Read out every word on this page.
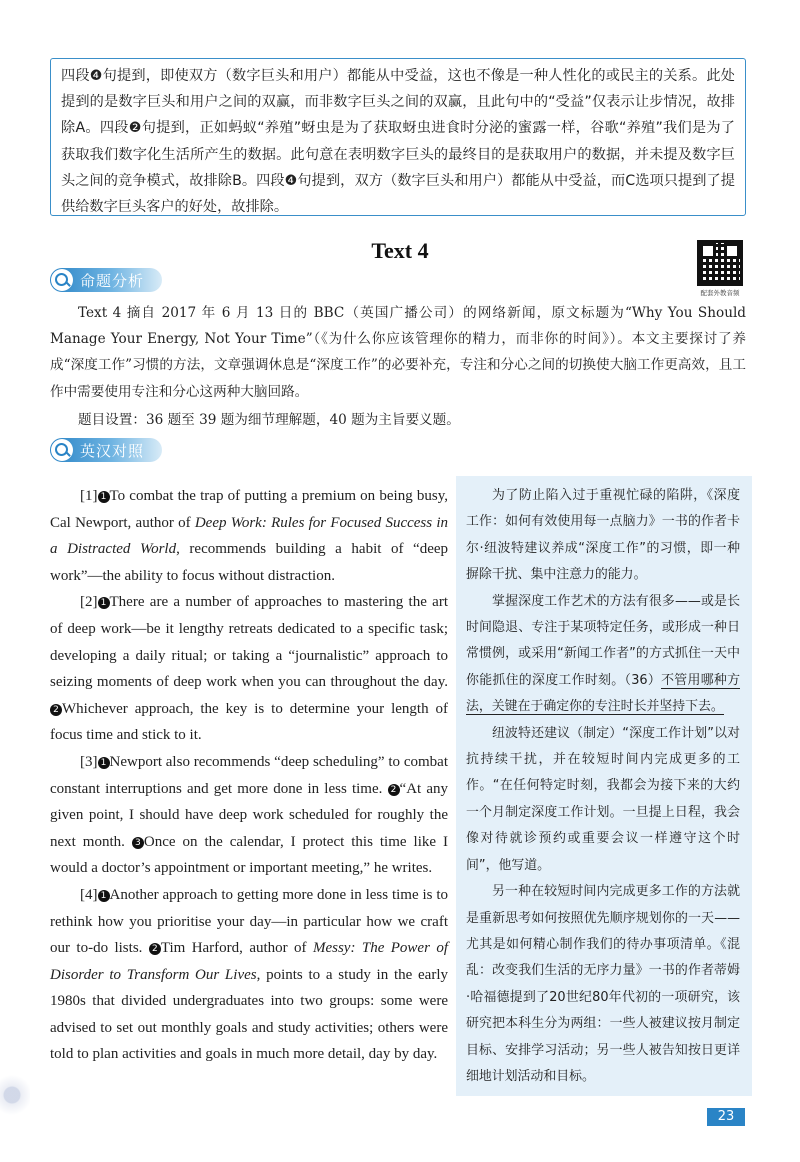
四段❹句提到，即使双方（数字巨头和用户）都能从中受益，这也不像是一种人性化的或民主的关系。此处提到的是数字巨头和用户之间的双赢，而非数字巨头之间的双赢，且此句中的“受益”仅表示让步情况，故排除A。四段❷句提到，正如蚂蚁“养殖”蚜虫是为了获取蚜虫进食时分泌的蜜露一样，谷歌“养殖”我们是为了获取我们数字化生活所产生的数据。此句意在表明数字巨头的最终目的是获取用户的数据，并未提及数字巨头之间的竞争模式，故排除B。四段❹句提到，双方（数字巨头和用户）都能从中受益，而C选项只提到了提供给数字巨头客户的好处，故排除。

Text 4
配套外教音频
命题分析

Text 4 摘自 2017 年 6 月 13 日的 BBC（英国广播公司）的网络新闻，原文标题为“Why You Should Manage Your Energy, Not Your Time”（《为什么你应该管理你的精力，而非你的时间》）。本文主要探讨了养成“深度工作”习惯的方法，文章强调休息是“深度工作”的必要补充，专注和分心之间的切换使大脑工作更高效，且工作中需要使用专注和分心这两种大脑回路。

题目设置：36 题至 39 题为细节理解题，40 题为主旨要义题。

英汉对照

[1] 1 To combat the trap of putting a premium on being busy, Cal Newport, author of Deep Work: Rules for Focused Success in a Distracted World, recommends building a habit of “deep work”—the ability to focus without distraction.

[2] 1 There are a number of approaches to mastering the art of deep work—be it lengthy retreats dedicated to a specific task; developing a daily ritual; or taking a “journalistic” approach to seizing moments of deep work when you can throughout the day. 2 Whichever approach, the key is to determine your length of focus time and stick to it.

[3] 1 Newport also recommends “deep scheduling” to combat constant interruptions and get more done in less time. 2 “At any given point, I should have deep work scheduled for roughly the next month. 3 Once on the calendar, I protect this time like I would a doctor’s appointment or important meeting,” he writes.

[4] 1 Another approach to getting more done in less time is to rethink how you prioritise your day—in particular how we craft our to-do lists. 2 Tim Harford, author of Messy: The Power of Disorder to Transform Our Lives, points to a study in the early 1980s that divided undergraduates into two groups: some were advised to set out monthly goals and study activities; others were told to plan activities and goals in much more detail, day by day.

为了防止陷入过于重视忙碌的陷阱，《深度工作：如何有效使用每一点脑力》一书的作者卡尔·纽波特建议养成“深度工作”的习惯，即一种摒除干扰、集中注意力的能力。

掌握深度工作艺术的方法有很多——或是长时间隐退、专注于某项特定任务，或形成一种日常惯例，或采用“新闻工作者”的方式抓住一天中你能抓住的深度工作时刻。（36）不管用哪种方法，关键在于确定你的专注时长并坚持下去。

纽波特还建议（制定）“深度工作计划”以对抗持续干扰，并在较短时间内完成更多的工作。“在任何特定时刻，我都会为接下来的大约一个月制定深度工作计划。一旦提上日程，我会像对待就诊预约或重要会议一样遵守这个时间”，他写道。

另一种在较短时间内完成更多工作的方法就是重新思考如何按照优先顺序规划你的一天——尤其是如何精心制作我们的待办事项清单。《混乱：改变我们生活的无序力量》一书的作者蒂姆·哈福德提到了20世纪80年代初的一项研究，该研究把本科生分为两组：一些人被建议按月制定目标、安排学习活动；另一些人被告知按日更详细地计划活动和目标。

23
